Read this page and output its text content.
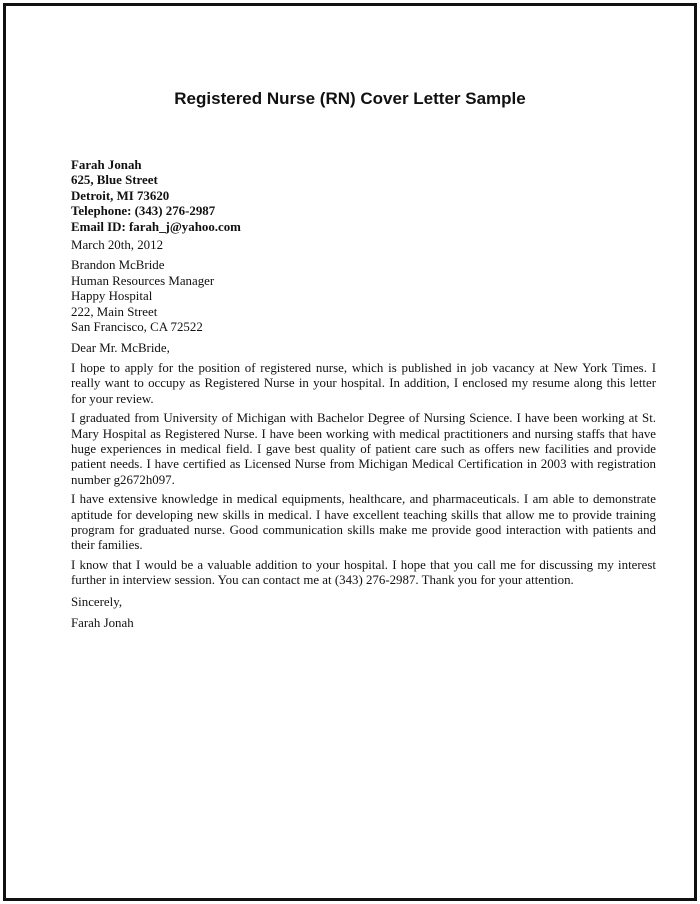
Registered Nurse (RN) Cover Letter Sample
Farah Jonah
625, Blue Street
Detroit, MI 73620
Telephone: (343) 276-2987
Email ID: farah_j@yahoo.com
March 20th, 2012
Brandon McBride
Human Resources Manager
Happy Hospital
222, Main Street
San Francisco, CA 72522
Dear Mr. McBride,

I hope to apply for the position of registered nurse, which is published in job vacancy at New York Times. I really want to occupy as Registered Nurse in your hospital. In addition, I enclosed my resume along this letter for your review.

I graduated from University of Michigan with Bachelor Degree of Nursing Science. I have been working at St. Mary Hospital as Registered Nurse. I have been working with medical practitioners and nursing staffs that have huge experiences in medical field. I gave best quality of patient care such as offers new facilities and provide patient needs. I have certified as Licensed Nurse from Michigan Medical Certification in 2003 with registration number g2672h097.

I have extensive knowledge in medical equipments, healthcare, and pharmaceuticals. I am able to demonstrate aptitude for developing new skills in medical. I have excellent teaching skills that allow me to provide training program for graduated nurse. Good communication skills make me provide good interaction with patients and their families.

I know that I would be a valuable addition to your hospital. I hope that you call me for discussing my interest further in interview session. You can contact me at (343) 276-2987. Thank you for your attention.

Sincerely,
Farah Jonah
